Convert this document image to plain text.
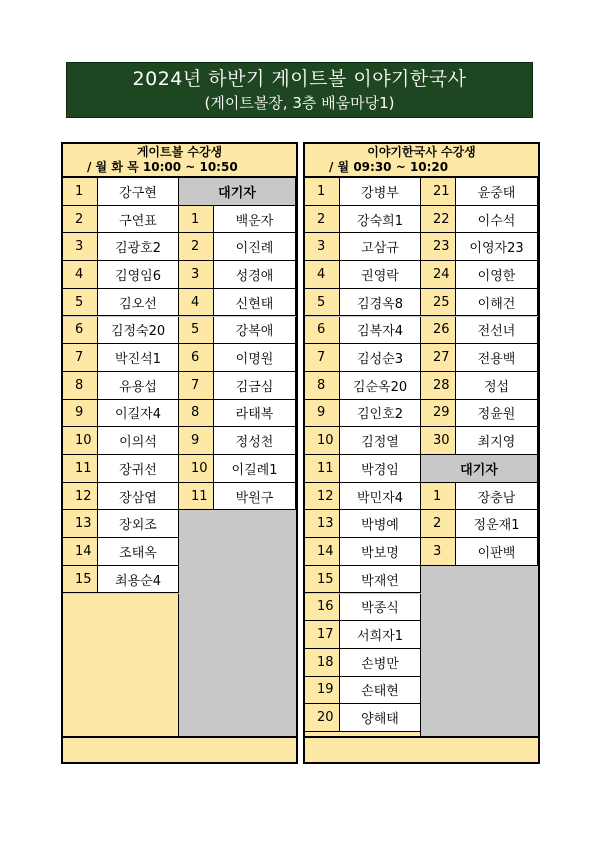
2024년 하반기 게이트볼 이야기한국사
(게이트볼장, 3층 배움마당1)
게이트볼 수강생
/ 월 화 목 10:00 ~ 10:50
1	강구현
2	구연표
3	김광호2
4	김영임6
5	김오선
6	김정숙20
7	박진석1
8	유용섭
9	이길자4
10	이의석
11	장귀선
12	장삼엽
13	장외조
14	조태옥
15	최용순4
대기자
1	백운자
2	이진례
3	성경애
4	신현태
5	강복애
6	이명원
7	김금심
8	라태복
9	정성천
10	이길례1
11	박원구
이야기한국사 수강생
/ 월 09:30 ~ 10:20
1	강병부
2	강숙희1
3	고삼규
4	권영락
5	김경옥8
6	김복자4
7	김성순3
8	김순옥20
9	김인호2
10	김정열
11	박경임
12	박민자4
13	박병예
14	박보명
15	박재연
16	박종식
17	서희자1
18	손병만
19	손태현
20	양해태
21	윤중태
22	이수석
23	이영자23
24	이영한
25	이해건
26	전선녀
27	전용백
28	정섭
29	정윤원
30	최지영
대기자
1	장충남
2	정운재1
3	이판백
